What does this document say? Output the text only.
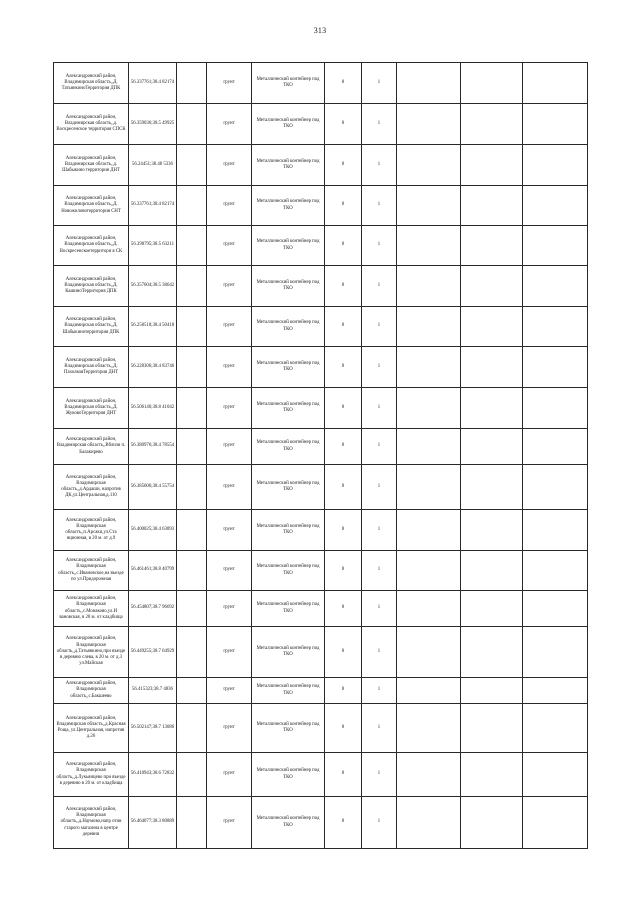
313
Александровский район, Владимирская область,,Д. ТатьянкиноТерритория ДПК	56.337761;38.4 82174		грунт	Металлический контейнер под ТКО	8	1			
Александровский район, Владимирская область,,д. Воскресенское территория СПСК	56.359036;38.5 49925		грунт	Металлический контейнер под ТКО	8	1			
Александровский район, Владимирская область,,д. Шабыкино территория ДНТ	56.24451;38.48 5336		грунт	Металлический контейнер под ТКО	8	1			
Александровский район, Владимирская область,,Д. Новожиловотерритория СНТ	56.337761;38.4 82174		грунт	Металлический контейнер под ТКО	8	1			
Александровский район, Владимирская область,,Д. Воскресенскоетерритори я СК	56.398795;38.5 63211		грунт	Металлический контейнер под ТКО	8	1			
Александровский район, Владимирская область,,Д. КашиноТерритория ДПК	56.357604;38.5 38642		грунт	Металлический контейнер под ТКО	8	1			
Александровский район, Владимирская область,,Д. Шабыкинотерритория ДПК	56.258518;38.4 50418		грунт	Металлический контейнер под ТКО	8	1			
Александровский район, Владимирская область,,Д. ПахолковТерритория ДНТ	56.228306;38.4 83746		грунт	Металлический контейнер под ТКО	8	1			
Александровский район, Владимирская область,,Д. ЖуковоТерритория ДНТ	56.506146;38.8 41042		грунт	Металлический контейнер под ТКО	8	1			
Александровский район, Владимирская область,,Вблизи п. Балакирево	56.380976;38.4 78554		грунт	Металлический контейнер под ТКО	8	1			
Александровский район, Владимирская область,,д.Ардаши, напротив ДК,ул.Центральная,д.110	56.385606;38.4 55754		грунт	Металлический контейнер под ТКО	8	1			
Александровский район, Владимирская область,,п.Арсаки,ул.Ста нционная, в 20 м. от д.9	56.400025;38.4 63893		грунт	Металлический контейнер под ТКО	8	1			
Александровский район, Владимирская область,,с.Ивановское,на въезде по ул.Придорожная	56.461461;38.8 40799		грунт	Металлический контейнер под ТКО	8	1			
Александровский район, Владимирская область,,с.Монаково,ул.И вановская, в 20 м. от кладбища	56.454807;38.7 96692		грунт	Металлический контейнер под ТКО	8	1			
Александровский район, Владимирская область,,д.Татьянкино,при въезде в деревню слева, в 20 м. от д.3 ул.Майская	56.449255;38.7 04929		грунт	Металлический контейнер под ТКО	8	1			
Александровский район, Владимирская область,,с.Бакшеево	56.415323;38.7 4836		грунт	Металлический контейнер под ТКО	8	1			
Александровский район, Владимирская область,,д.Красная Роща, ул.Центральная, напротив д.26	56.502147;38.7 13086		грунт	Металлический контейнер под ТКО	8	1			
Александровский район, Владимирская область,,д.Лукьянцево при въезде в деревню в 20 м. от кладбища	56.410943;38.6 72832		грунт	Металлический контейнер под ТКО	8	1			
Александровский район, Владимирская область,,д.Наумово,напр отив старого магазина в центре деревни	56.464077;38.3 80889		грунт	Металлический контейнер под ТКО	8	1			
